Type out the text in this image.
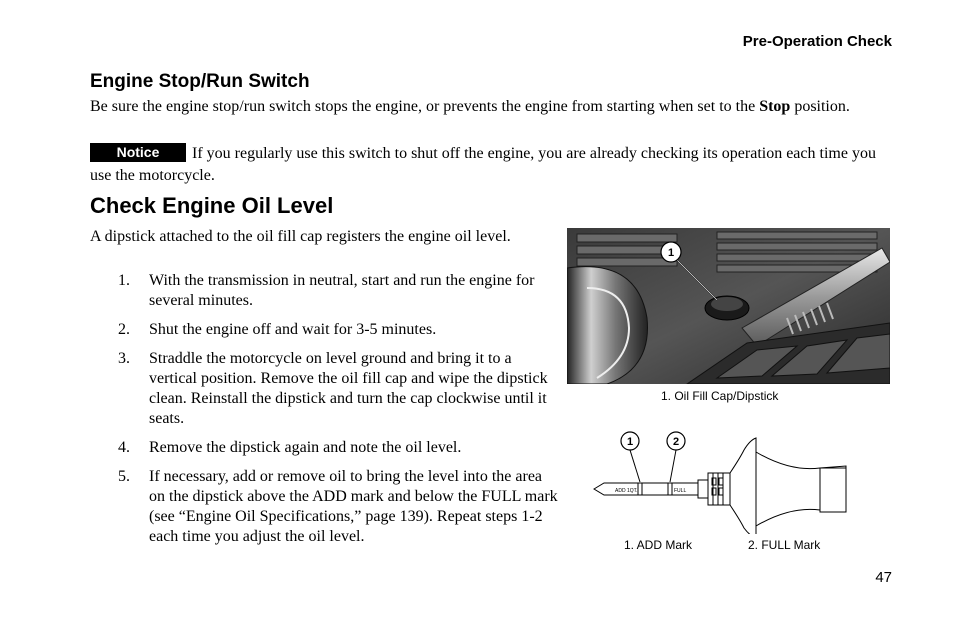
Pre‑Operation Check
Engine Stop/Run Switch
Be sure the engine stop/run switch stops the engine, or prevents the engine from starting when set to the Stop position.
Notice If you regularly use this switch to shut off the engine, you are already checking its operation each time you use the motorcycle.
Check Engine Oil Level
A dipstick attached to the oil fill cap registers the engine oil level.
1. With the transmission in neutral, start and run the engine for several minutes.
2. Shut the engine off and wait for 3‑5 minutes.
3. Straddle the motorcycle on level ground and bring it to a vertical position. Remove the oil fill cap and wipe the dipstick clean. Reinstall the dipstick and turn the cap clockwise until it seats.
4. Remove the dipstick again and note the oil level.
5. If necessary, add or remove oil to bring the level into the area on the dipstick above the ADD mark and below the FULL mark (see “Engine Oil Specifications,” page 139). Repeat steps 1‑2 each time you adjust the oil level.
1
1. Oil Fill Cap/Dipstick
ADD 1QT.	FULL
1	2
1. ADD Mark	2. FULL Mark
47
